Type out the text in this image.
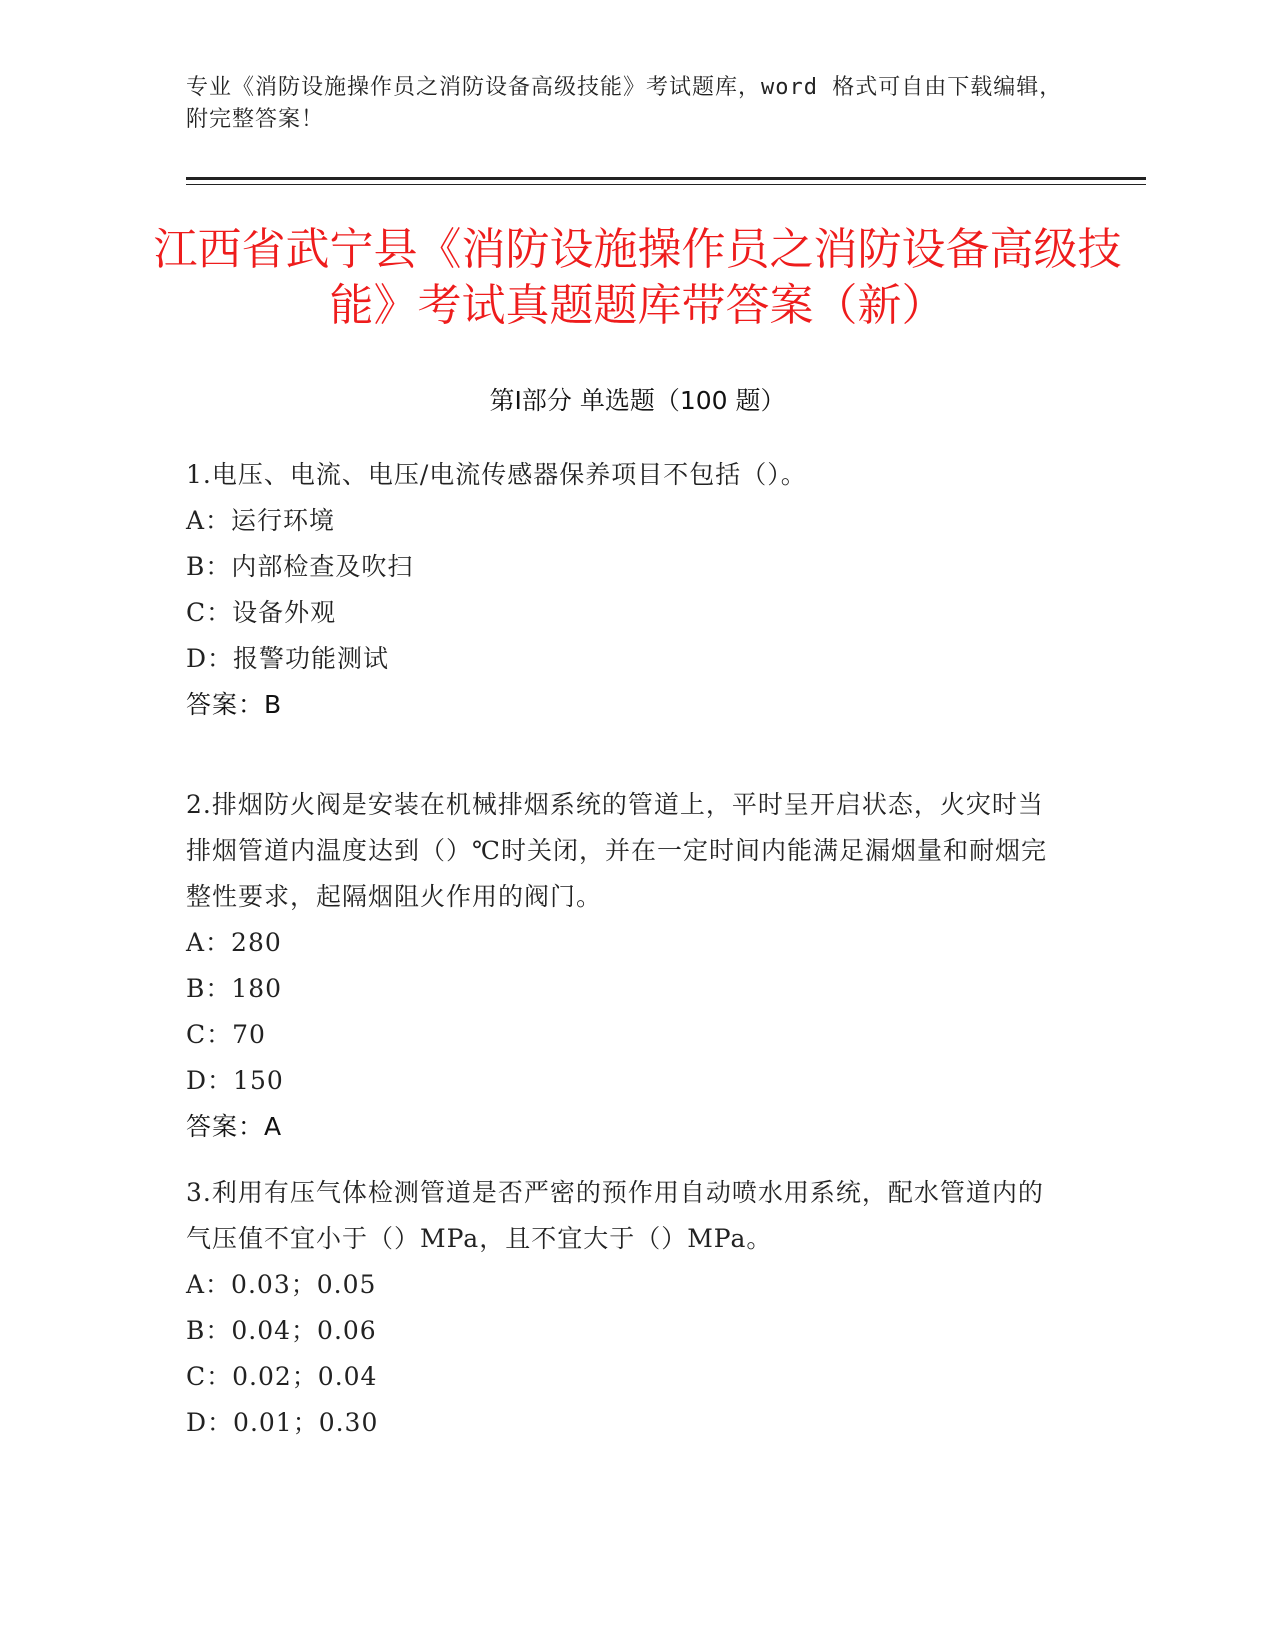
专业《消防设施操作员之消防设备高级技能》考试题库，word 格式可自由下载编辑，附完整答案！
江西省武宁县《消防设施操作员之消防设备高级技能》考试真题题库带答案（新）
第Ⅰ部分 单选题（100 题）
1.电压、电流、电压/电流传感器保养项目不包括（）。
A：运行环境
B：内部检查及吹扫
C：设备外观
D：报警功能测试
答案：B
2.排烟防火阀是安装在机械排烟系统的管道上，平时呈开启状态，火灾时当排烟管道内温度达到（）℃时关闭，并在一定时间内能满足漏烟量和耐烟完整性要求，起隔烟阻火作用的阀门。
A：280
B：180
C：70
D：150
答案：A
3.利用有压气体检测管道是否严密的预作用自动喷水用系统，配水管道内的气压值不宜小于（）MPa，且不宜大于（）MPa。
A：0.03；0.05
B：0.04；0.06
C：0.02；0.04
D：0.01；0.30
